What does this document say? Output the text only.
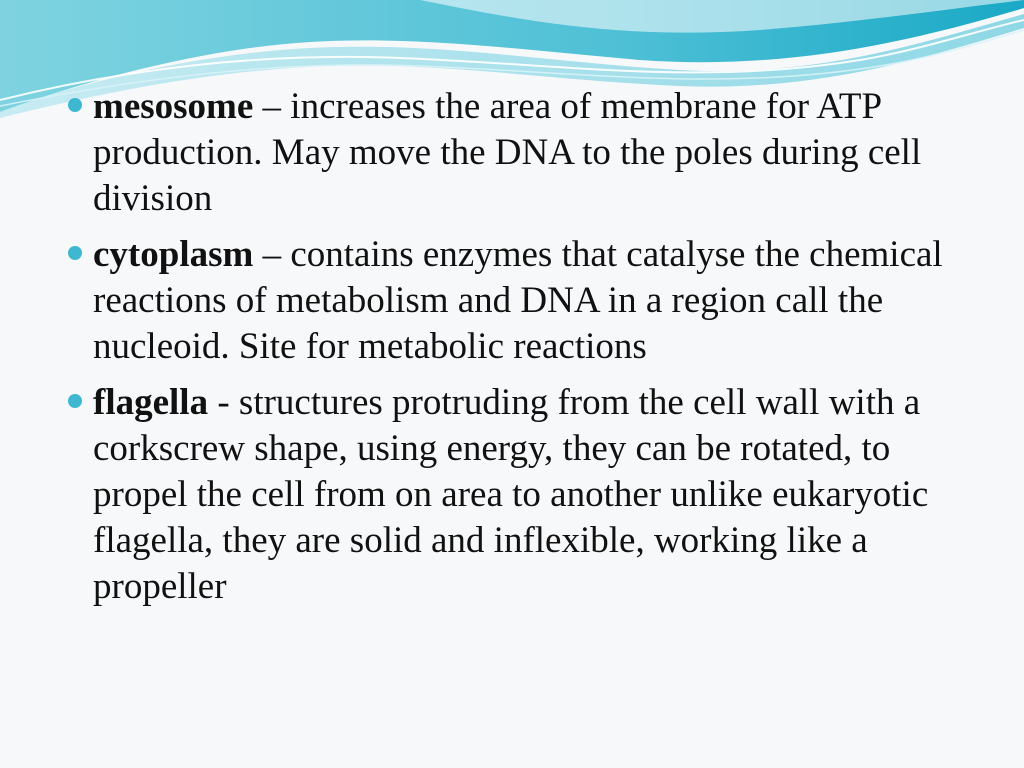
mesosome – increases the area of membrane for ATP production. May move the DNA to the poles during cell division
cytoplasm – contains enzymes that catalyse the chemical reactions of metabolism and DNA in a region call the nucleoid. Site for metabolic reactions
flagella - structures protruding from the cell wall with a corkscrew shape, using energy, they can be rotated, to propel the cell from on area to another unlike eukaryotic flagella, they are solid and inflexible, working like a propeller
